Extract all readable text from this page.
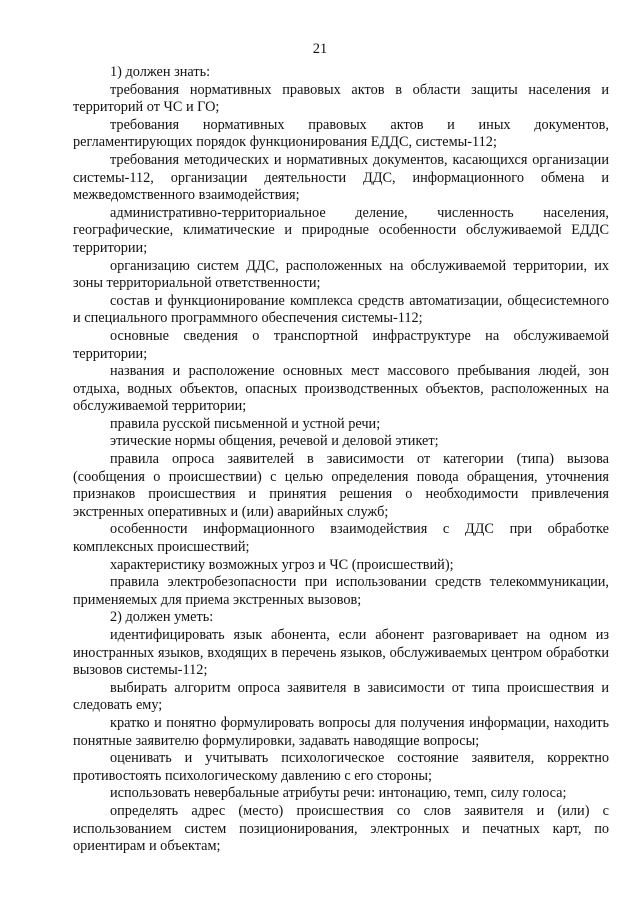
21

1) должен знать:

требования нормативных правовых актов в области защиты населения и территорий от ЧС и ГО;

требования нормативных правовых актов и иных документов, регламентирующих порядок функционирования ЕДДС, системы-112;

требования методических и нормативных документов, касающихся организации системы-112, организации деятельности ДДС, информационного обмена и межведомственного взаимодействия;

административно-территориальное деление, численность населения, географические, климатические и природные особенности обслуживаемой ЕДДС территории;

организацию систем ДДС, расположенных на обслуживаемой территории, их зоны территориальной ответственности;

состав и функционирование комплекса средств автоматизации, общесистемного и специального программного обеспечения системы-112;

основные сведения о транспортной инфраструктуре на обслуживаемой территории;

названия и расположение основных мест массового пребывания людей, зон отдыха, водных объектов, опасных производственных объектов, расположенных на обслуживаемой территории;

правила русской письменной и устной речи;

этические нормы общения, речевой и деловой этикет;

правила опроса заявителей в зависимости от категории (типа) вызова (сообщения о происшествии) с целью определения повода обращения, уточнения признаков происшествия и принятия решения о необходимости привлечения экстренных оперативных и (или) аварийных служб;

особенности информационного взаимодействия с ДДС при обработке комплексных происшествий;

характеристику возможных угроз и ЧС (происшествий);

правила электробезопасности при использовании средств телекоммуникации, применяемых для приема экстренных вызовов;

2) должен уметь:

идентифицировать язык абонента, если абонент разговаривает на одном из иностранных языков, входящих в перечень языков, обслуживаемых центром обработки вызовов системы-112;

выбирать алгоритм опроса заявителя в зависимости от типа происшествия и следовать ему;

кратко и понятно формулировать вопросы для получения информации, находить понятные заявителю формулировки, задавать наводящие вопросы;

оценивать и учитывать психологическое состояние заявителя, корректно противостоять психологическому давлению с его стороны;

использовать невербальные атрибуты речи: интонацию, темп, силу голоса;

определять адрес (место) происшествия со слов заявителя и (или) с использованием систем позиционирования, электронных и печатных карт, по ориентирам и объектам;
